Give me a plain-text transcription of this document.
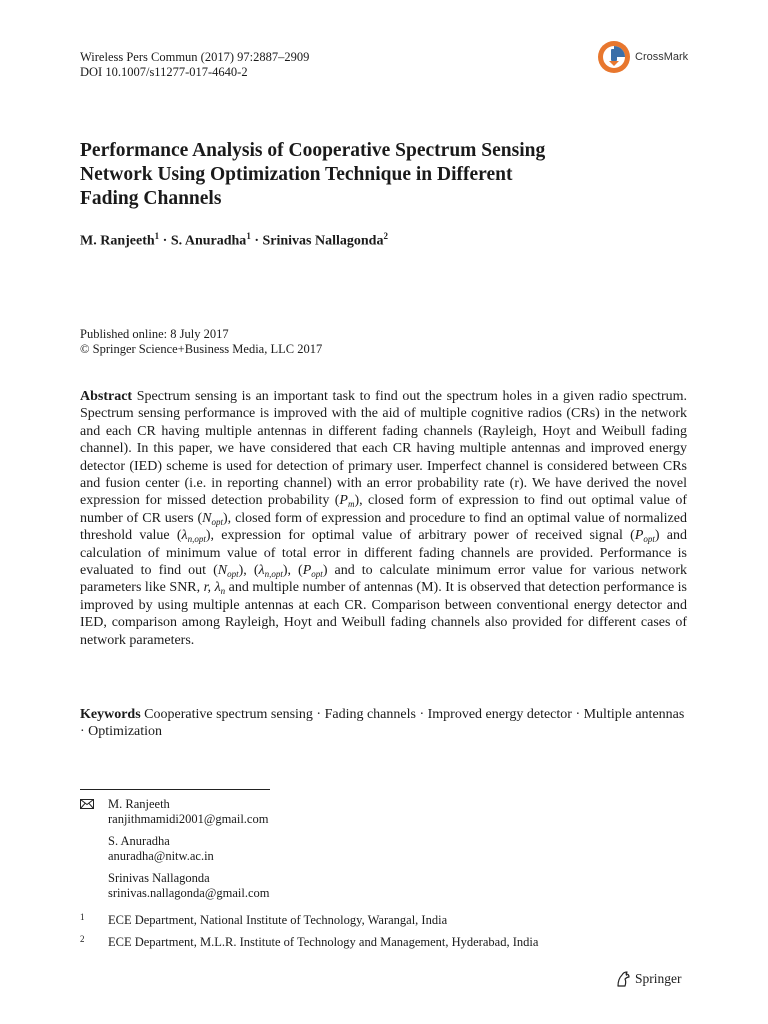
Wireless Pers Commun (2017) 97:2887–2909
DOI 10.1007/s11277-017-4640-2
CrossMark
Performance Analysis of Cooperative Spectrum Sensing
Network Using Optimization Technique in Different
Fading Channels
M. Ranjeeth$^1$ · S. Anuradha$^1$ · Srinivas Nallagonda$^2$
Published online: 8 July 2017
© Springer Science+Business Media, LLC 2017
Abstract Spectrum sensing is an important task to find out the spectrum holes in a given radio spectrum. Spectrum sensing performance is improved with the aid of multiple cognitive radios (CRs) in the network and each CR having multiple antennas in different fading channels (Rayleigh, Hoyt and Weibull fading channel). In this paper, we have considered that each CR having multiple antennas and improved energy detector (IED) scheme is used for detection of primary user. Imperfect channel is considered between CRs and fusion center (i.e. in reporting channel) with an error probability rate (r). We have derived the novel expression for missed detection probability $(P_m)$, closed form of expression to find out optimal value of number of CR users $(N_{opt})$, closed form of expression and procedure to find an optimal value of normalized threshold value $(\lambda_{n,opt})$, expression for optimal value of arbitrary power of received signal $(P_{opt})$ and calculation of minimum value of total error in different fading channels are provided. Performance is evaluated to find out $(N_{opt})$, $(\lambda_{n,opt})$, $(P_{opt})$ and to calculate minimum error value for various network parameters like SNR, r, $\lambda_n$ and multiple number of antennas (M). It is observed that detection performance is improved by using multiple antennas at each CR. Comparison between conventional energy detector and IED, comparison among Rayleigh, Hoyt and Weibull fading channels also provided for different cases of network parameters.
Keywords Cooperative spectrum sensing · Fading channels · Improved energy detector · Multiple antennas · Optimization
M. Ranjeeth
ranjithmamidi2001@gmail.com
S. Anuradha
anuradha@nitw.ac.in
Srinivas Nallagonda
srinivas.nallagonda@gmail.com
1 ECE Department, National Institute of Technology, Warangal, India
2 ECE Department, M.L.R. Institute of Technology and Management, Hyderabad, India
Springer
